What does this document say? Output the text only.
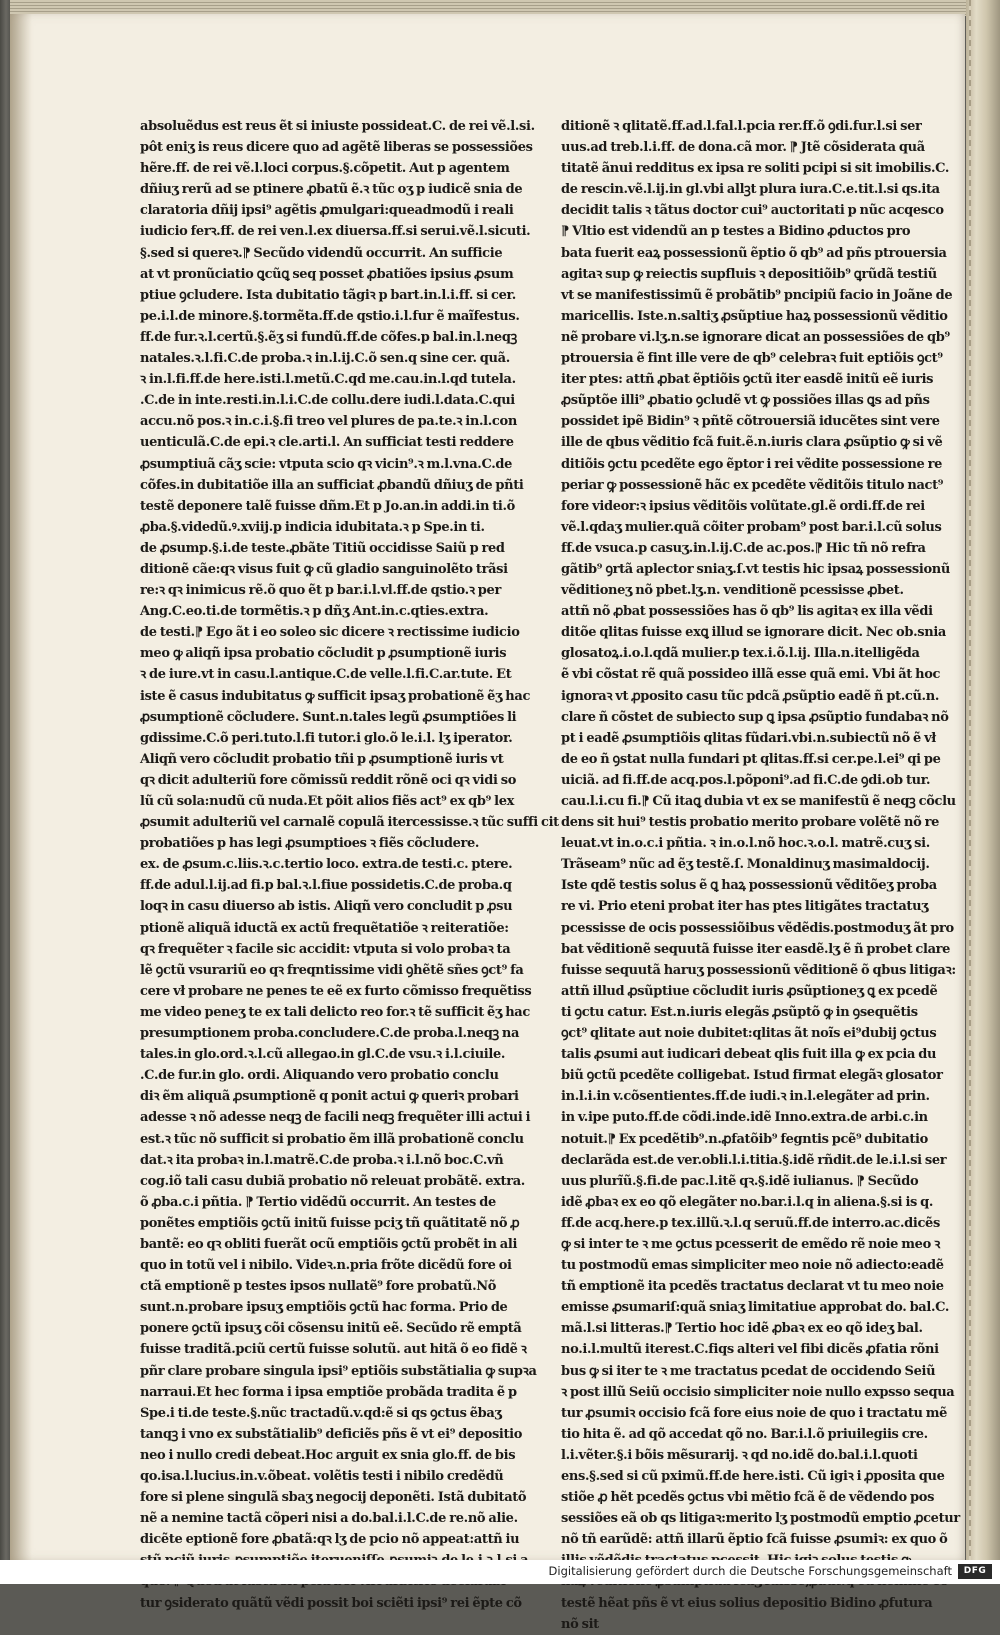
absoluẽdus est reus ẽt si iniuste possideat.C. de rei vẽ.l.si.
pôt eniʒ is reus dicere quo ad agẽtẽ liberas se possessiões
hẽre.ff. de rei vẽ.l.loci corpus.§.cõpetit. Aut p agentem
dñiuʒ rerũ ad se ptinere ꝓbatũ ẽ.ꝛ tũc oʒ p iudicẽ snia de
claratoria dñij ipsi⁹ agẽtis ꝓmulgari:queadmodũ i reali
iudicio ferꝛ.ff. de rei ven.l.ex diuersa.ff.si serui.vẽ.l.sicuti.
§.sed si quereꝛ.⁋ Secũdo videndũ occurrit. An sufficie
at vt pronũciatio ꝗcũꝗ seq posset ꝓbatiões ipsius ꝓsum
ptiue ꝯcludere. Ista dubitatio tãgiꝛ p bart.in.l.i.ff. si cer.
pe.i.l.de minore.§.tormẽta.ff.de qstio.i.l.fur ẽ maĩfestus.
ff.de fur.ꝛ.l.certũ.§.ẽʒ si fundũ.ff.de cõfes.p bal.in.l.neqꝫ
natales.ꝛ.l.fi.C.de proba.ꝛ in.l.ij.C.õ sen.q sine cer. quã.
ꝛ in.l.fi.ff.de here.isti.l.metũ.C.qd me.cau.in.l.qd tutela.
.C.de in inte.resti.in.l.i.C.de collu.dere iudi.l.data.C.qui
accu.nõ pos.ꝛ in.c.i.§.fi treo vel plures de pa.te.ꝛ in.l.con
uenticulã.C.de epi.ꝛ cle.arti.l. An sufficiat testi reddere
ꝓsumptiuã cãʒ scie: vtputa scio qꝛ vicin⁹.ꝛ m.l.vna.C.de
cõfes.in dubitatiõe illa an sufficiat ꝓbandũ dñiuʒ de pñti
testẽ deponere talẽ fuisse dñm.Et p Jo.an.in addi.in ti.õ
ꝓba.§.videdũ.ꝰ.xviij.p indicia idubitata.ꝛ p Spe.in ti.
de ꝓsump.§.i.de teste.ꝓbãte Titiũ occidisse Saiũ p red
ditionẽ cãe:qꝛ visus fuit ꝙ cũ gladio sanguinolẽto trãsi
re:ꝛ qꝛ inimicus rẽ.õ quo ẽt p bar.i.l.vl.ff.de qstio.ꝛ per
Ang.C.eo.ti.de tormẽtis.ꝛ p dñʒ Ant.in.c.qties.extra.
de testi.⁋ Ego ãt i eo soleo sic dicere ꝛ rectissime iudicio
meo ꝙ aliqñ ipsa probatio cõcludit p ꝓsumptionẽ iuris
ꝛ de iure.vt in casu.l.antique.C.de velle.l.fi.C.ar.tute. Et
iste ẽ casus indubitatus ꝙ sufficit ipsaʒ probationẽ ẽʒ hac
ꝓsumptionẽ cõcludere. Sunt.n.tales legũ ꝓsumptiões li
gdissime.C.õ peri.tuto.l.fi tutor.i glo.õ le.i.l. lʒ iperator.
Aliqñ vero cõcludit probatio tñi p ꝓsumptionẽ iuris vt
qꝛ dicit adulteriũ fore cõmissũ reddit rõnẽ oci qꝛ vidi so
lũ cũ sola:nudũ cũ nuda.Et põit alios fiẽs act⁹ ex qb⁹ lex
ꝓsumit adulteriũ vel carnalẽ copulã itercessisse.ꝛ tũc suffi cit
probatiões p has legi ꝓsumptioes ꝛ fiẽs cõcludere.
ex. de ꝓsum.c.lii̇s.ꝛ.c.tertio loco. extra.de testi.c. ptere.
ff.de adul.l.ij.ad fi.p bal.ꝛ.l.fiue possidetis.C.de proba.q
loqꝛ in casu diuerso ab istis. Aliqñ vero concludit p ꝓsu
ptionẽ aliquã iductã ex actũ frequẽtatiõe ꝛ reiteratiõe:
qꝛ frequẽter ꝛ facile sic accidit: vtputa si volo probaꝛ ta
lẽ ꝯctũ vsurariũ eo qꝛ freqntissime vidi ꝯhẽtẽ sñes ꝯct⁹ fa
cere vł probare ne penes te eẽ ex furto cõmisso frequẽtiss
me video peneʒ te ex tali delicto reo for.ꝛ tẽ sufficit ẽʒ hac
presumptionem proba.concludere.C.de proba.l.neqꝫ na
tales.in glo.ord.ꝛ.l.cũ allegao.in gl.C.de vsu.ꝛ i.l.ciuile.
.C.de fur.in glo. ordi. Aliquando vero probatio conclu
diꝛ ẽm aliquã ꝓsumptionẽ q ponit actui ꝙ queriꝛ probari
adesse ꝛ nõ adesse neqꝫ de facili neqꝫ frequẽter illi actui i
est.ꝛ tũc nõ sufficit si probatio ẽm illã probationẽ conclu
dat.ꝛ ita probaꝛ in.l.matrẽ.C.de proba.ꝛ i.l.nõ boc.C.vñ
cog.iõ tali casu dubiã probatio nõ releuat probãtẽ. extra.
õ ꝓba.c.i pñtia. ⁋ Tertio vidẽdũ occurrit. An testes de
ponẽtes emptiõis ꝯctũ initũ fuisse pciʒ tñ quãtitatẽ nõ ꝓ
bantẽ: eo qꝛ obliti fuerãt ocũ emptiõis ꝯctũ probẽt in ali
quo in totũ vel i nibilo. Videꝛ.n.pria frõte dicẽdũ fore oi
ctã emptionẽ p testes ipsos nullatẽ⁹ fore probatũ.Nõ
sunt.n.probare ipsuʒ emptiõis ꝯctũ hac forma. Prio de
ponere ꝯctũ ipsuʒ cõi cõsensu initũ eẽ. Secũdo rẽ emptã
fuisse traditã.pciũ certũ fuisse solutũ. aut hitã õ eo fidẽ ꝛ
pñr clare probare singula ipsi⁹ eptiõis substãtialia ꝙ supꝛa
narraui.Et hec forma i ipsa emptiõe probãda tradita ẽ p
Spe.i ti.de teste.§.nũc tractadũ.v.qd:ẽ si qs ꝯctus ẽbaʒ
tanqꝫ i vno ex substãtialib⁹ deficiẽs pñs ẽ vt ei⁹ depositio
neo i nullo credi debeat.Hoc arguit ex snia glo.ff. de bis
qo.isa.l.lucius.in.v.õbeat. volẽtis testi i nibilo credẽdũ
fore si plene singulã sbaʒ negocij deponẽti. Istã dubitatõ
nẽ a nemine tactã cõperi nisi a do.bal.i.l.C.de re.nõ alie.
dicẽte eptionẽ fore ꝓbatã:qꝛ lʒ de pcio nõ appeat:attñ iu
tur ꝯsiderato quãtũ vẽdi possit boi sciẽti ipsi⁹ rei ẽpte cõ
ditionẽ ꝛ qlitatẽ.ff.ad.l.fal.l.pcia rer.ff.õ ꝯdi.fur.l.si ser
uus.ad treb.l.i.ff. de dona.cã mor. ⁋ Jtẽ cõsiderata quã
titatẽ ãnui redditus ex ipsa re soliti pcipi si sit imobilis.C.
de rescin.vẽ.l.ij.in gl.vbi allꝫt plura iura.C.e.tit.l.si qs.ita
decidit talis ꝛ tãtus doctor cui⁹ auctoritati p nũc acqesco
⁋ Vltio est videndũ an p testes a Bidino ꝓductos pro
bata fuerit eaꝝ possessionũ ẽptio õ qb⁹ ad pñs ptrouersia
agitaꝛ sup ꝙ reiectis supfluis ꝛ depositiõib⁹ ꝗrũdã testiũ
vt se manifestissimũ ẽ probãtib⁹ pncipiũ facio in Joãne de
maricellis. Iste.n.saltiʒ ꝓsũptiue haꝝ possessionũ vẽditio
nẽ probare vi.lʒ.n.se ignorare dicat an possessiões de qb⁹
ptrouersia ẽ fint ille vere de qb⁹ celebraꝛ fuit eptiõis ꝯct⁹
iter ptes: attñ ꝓbat ẽptiõis ꝯctũ iter easdẽ initũ eẽ iuris
ꝓsũptõe illi⁹ ꝓbatio ꝯcludẽ vt ꝙ possiões illas ꝗs ad pñs
possidet ipẽ Bidin⁹ ꝛ pñtẽ cõtrouersiã iducẽtes sint vere
ille de qbus vẽditio fcã fuit.ẽ.n.iuris clara ꝓsũptio ꝙ si vẽ
ditiõis ꝯctu pcedẽte ego ẽptor i rei vẽdite possessione re
periar ꝙ possessionẽ hãc ex pcedẽte vẽditõis titulo nact⁹
fore videor:ꝛ ipsius vẽditõis volũtate.gl.ẽ ordi.ff.de rei
vẽ.l.qdaʒ mulier.quã cõiter probam⁹ post bar.i.l.cũ solus
ff.de vsuca.p casuʒ.in.l.ij.C.de ac.pos.⁋ Hic tñ nõ refra
gãtib⁹ ꝯrtã aplector sniaʒ.ſ.vt testis hic ipsaꝝ possessionũ
vẽditioneʒ nõ pbet.lʒ.n. venditionẽ pcessisse ꝓbet.
attñ nõ ꝓbat possessiões has õ qb⁹ lis agitaꝛ ex illa vẽdi
ditõe qlitas fuisse exꝗ illud se ignorare dicit. Nec ob.snia
glosatoꝝ.i.o.l.qdã mulier.p tex.i.õ.l.ij. Illa.n.itelligẽda
ẽ vbi cõstat rẽ quã possideo illã esse quã emi. Vbi ãt hoc
ignoraꝛ vt ꝓposito casu tũc pdcã ꝓsũptio eadẽ ñ pt.cũ.n.
clare ñ cõstet de subiecto sup ꝗ ipsa ꝓsũptio fundabaꝛ nõ
pt i eadẽ ꝓsumptiõis qlitas fũdari.vbi.n.subiectũ nõ ẽ vł
de eo ñ ꝯstat nulla fundari pt qlitas.ff.si cer.pe.l.ei⁹ qi pe
uiciã. ad fi.ff.de acq.pos.l.põponi⁹.ad fi.C.de ꝯdi.ob tur.
cau.l.i.cu fi.⁋ Cũ itaꝗ dubia vt ex se manifestũ ẽ neqꝫ cõclu
dens sit hui⁹ testis probatio merito probare volẽtẽ nõ re
leuat.vt in.o.c.i pñtia. ꝛ in.o.l.nõ hoc.ꝛ.o.l. matrẽ.cuʒ si.
Trãseam⁹ nũc ad ẽʒ testẽ.ſ. Monaldinuʒ masimaldocij.
Iste qdẽ testis solus ẽ ꝗ haꝝ possessionũ vẽditõeʒ proba
re vi. Prio eteni probat iter has ptes litigãtes tractatuʒ
pcessisse de ocis possessiõibus vẽdẽdis.postmoduʒ ãt pro
bat vẽditionẽ sequutã fuisse iter easdẽ.lʒ ẽ ñ probet clare
fuisse sequutã haruʒ possessionũ vẽditionẽ õ qbus litigaꝛ:
attñ illud ꝓsũptiue cõcludit iuris ꝓsũptioneʒ ꝗ ex pcedẽ
ti ꝯctu catur. Est.n.iuris elegãs ꝓsũptõ ꝙ in ꝯsequẽtis
ꝯct⁹ qlitate aut noie dubitet:qlitas ãt noĩs ei⁹dubij ꝯctus
talis ꝓsumi aut iudicari debeat qlis fuit illa ꝙ ex pcia du
biũ ꝯctũ pcedẽte colligebat. Istud firmat elegãꝛ glosator
in.l.i.in v.cõsentientes.ff.de iudi.ꝛ in.l.elegãter ad prin.
in v.ipe puto.ff.de cõdi.inde.idẽ Inno.extra.de arbi.c.in
notuit.⁋ Ex pcedẽtib⁹.n.ꝓfatõib⁹ fegntis pcẽ⁹ dubitatio
declarãda est.de ver.obli.l.i.titia.§.idẽ rñdit.de le.i.l.si ser
uus plurĩũ.§.fi.de pac.l.itẽ qꝛ.§.idẽ iulianus. ⁋ Secũdo
idẽ ꝓbaꝛ ex eo qõ elegãter no.bar.i.l.q in aliena.§.si is q.
ff.de acq.here.p tex.illũ.ꝛ.l.q seruũ.ff.de interro.ac.dicẽs
ꝙ si inter te ꝛ me ꝯctus pcesserit de emẽdo rẽ noie meo ꝛ
tu postmodũ emas simpliciter meo noie nõ adiecto:eadẽ
tñ emptionẽ ita pcedẽs tractatus declarat vt tu meo noie
emisse ꝓsumariſ:quã sniaʒ limitatiue approbat do. bal.C.
mã.l.si litteras.⁋ Tertio hoc idẽ ꝓbaꝛ ex eo qõ ideʒ bal.
no.i.l.multũ iterest.C.fiqs alteri vel fibi dicẽs ꝓfatia rõni
bus ꝙ si iter te ꝛ me tractatus pcedat de occidendo Seiũ
ꝛ post illũ Seiũ occisio simpliciter noie nullo expsso sequa
tur ꝓsumiꝛ occisio fcã fore eius noie de quo i tractatu mẽ
tio hita ẽ. ad qõ accedat qõ no. Bar.i.l.õ priuilegiis cre.
l.i.vẽter.§.i bõis mẽsurarij. ꝛ qd no.idẽ do.bal.i.l.quoti
ens.§.sed si cũ pximũ.ff.de here.isti. Cũ igiꝛ i ꝓposita que
stiõe ꝓ hẽt pcedẽs ꝯctus vbi mẽtio fcã ẽ de vẽdendo pos
sessiões eã ob qs litigaꝛ:merito lʒ postmodũ emptio ꝓcetur
nõ tñ earũdẽ: attñ illarũ ẽptio fcã fuisse ꝓsumiꝛ: ex quo õ
testẽ hẽat pñs ẽ vt eius solius depositio Bidino ꝓfutura
nõ sit
Digitalisierung gefördert durch die Deutsche Forschungsgemeinschaft	DFG
